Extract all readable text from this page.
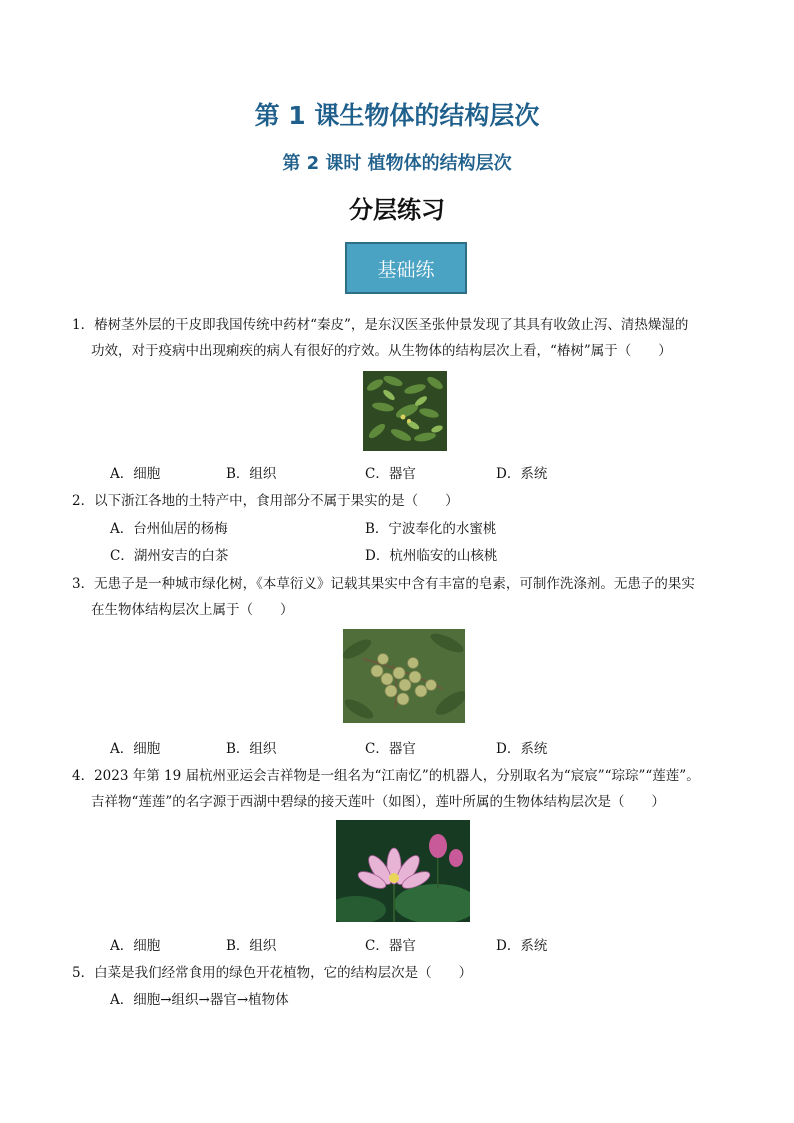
第 1 课生物体的结构层次
第 2 课时 植物体的结构层次
分层练习
基础练
1．椿树茎外层的干皮即我国传统中药材“秦皮”，是东汉医圣张仲景发现了其具有收敛止泻、清热燥湿的
功效，对于疫病中出现痢疾的病人有很好的疗效。从生物体的结构层次上看，“椿树”属于（　　）
A．细胞	B．组织	C．器官	D．系统
2．以下浙江各地的土特产中，食用部分不属于果实的是（　　）
A．台州仙居的杨梅	B．宁波奉化的水蜜桃
C．湖州安吉的白茶	D．杭州临安的山核桃
3．无患子是一种城市绿化树，《本草衍义》记载其果实中含有丰富的皂素，可制作洗涤剂。无患子的果实
在生物体结构层次上属于（　　）
A．细胞	B．组织	C．器官	D．系统
4．2023 年第 19 届杭州亚运会吉祥物是一组名为“江南忆”的机器人，分别取名为“宸宸”“琮琮”“莲莲”。
吉祥物“莲莲”的名字源于西湖中碧绿的接天莲叶（如图），莲叶所属的生物体结构层次是（　　）
A．细胞	B．组织	C．器官	D．系统
5．白菜是我们经常食用的绿色开花植物，它的结构层次是（　　）
A．细胞→组织→器官→植物体
